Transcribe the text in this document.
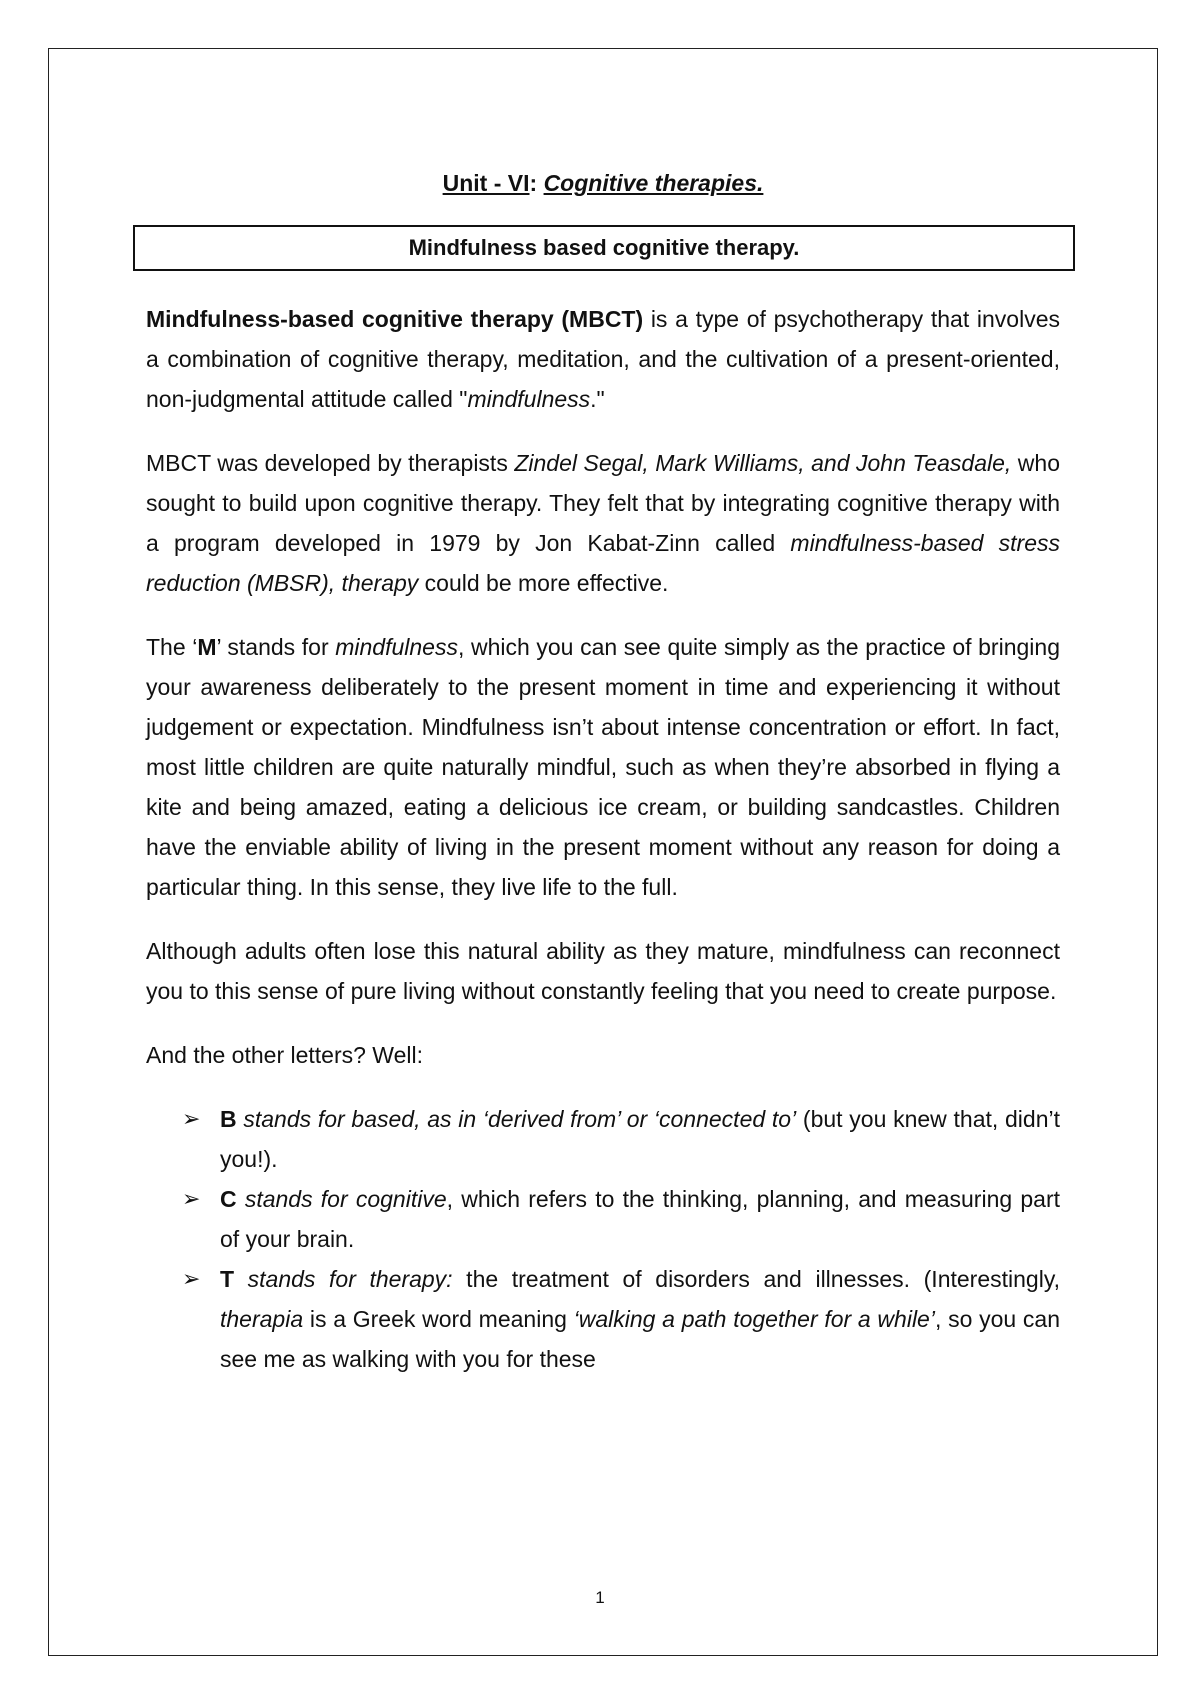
Unit - VI: Cognitive therapies.
Mindfulness based cognitive therapy.

Mindfulness-based cognitive therapy (MBCT) is a type of psychotherapy that involves a combination of cognitive therapy, meditation, and the cultivation of a present-oriented, non-judgmental attitude called "mindfulness."

MBCT was developed by therapists Zindel Segal, Mark Williams, and John Teasdale, who sought to build upon cognitive therapy. They felt that by integrating cognitive therapy with a program developed in 1979 by Jon Kabat-Zinn called mindfulness-based stress reduction (MBSR), therapy could be more effective.

The ‘M’ stands for mindfulness, which you can see quite simply as the practice of bringing your awareness deliberately to the present moment in time and experiencing it without judgement or expectation. Mindfulness isn’t about intense concentration or effort. In fact, most little children are quite naturally mindful, such as when they’re absorbed in flying a kite and being amazed, eating a delicious ice cream, or building sandcastles. Children have the enviable ability of living in the present moment without any reason for doing a particular thing. In this sense, they live life to the full.

Although adults often lose this natural ability as they mature, mindfulness can reconnect you to this sense of pure living without constantly feeling that you need to create purpose.

And the other letters? Well:

➢ B stands for based, as in ‘derived from’ or ‘connected to’ (but you knew that, didn’t you!).
➢ C stands for cognitive, which refers to the thinking, planning, and measuring part of your brain.
➢ T stands for therapy: the treatment of disorders and illnesses. (Interestingly, therapia is a Greek word meaning ‘walking a path together for a while’, so you can see me as walking with you for these
1
